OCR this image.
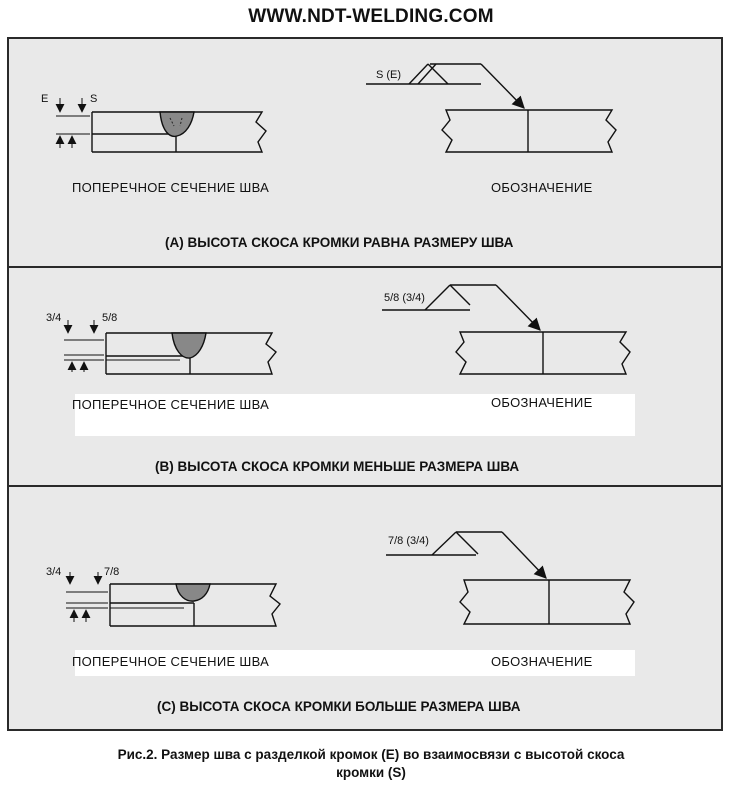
WWW.NDT-WELDING.COM
E	S
S (E)
ПОПЕРЕЧНОЕ СЕЧЕНИЕ ШВА	ОБОЗНАЧЕНИЕ
(A) ВЫСОТА СКОСА КРОМКИ РАВНА РАЗМЕРУ ШВА
3/4	5/8
5/8 (3/4)
ПОПЕРЕЧНОЕ СЕЧЕНИЕ ШВА	ОБОЗНАЧЕНИЕ
(B) ВЫСОТА СКОСА КРОМКИ МЕНЬШЕ РАЗМЕРА ШВА
3/4	7/8
7/8 (3/4)
ПОПЕРЕЧНОЕ СЕЧЕНИЕ ШВА	ОБОЗНАЧЕНИЕ
(C) ВЫСОТА СКОСА КРОМКИ БОЛЬШЕ РАЗМЕРА ШВА
Рис.2. Размер шва с разделкой кромок (E) во взаимосвязи с высотой скоса
кромки (S)
